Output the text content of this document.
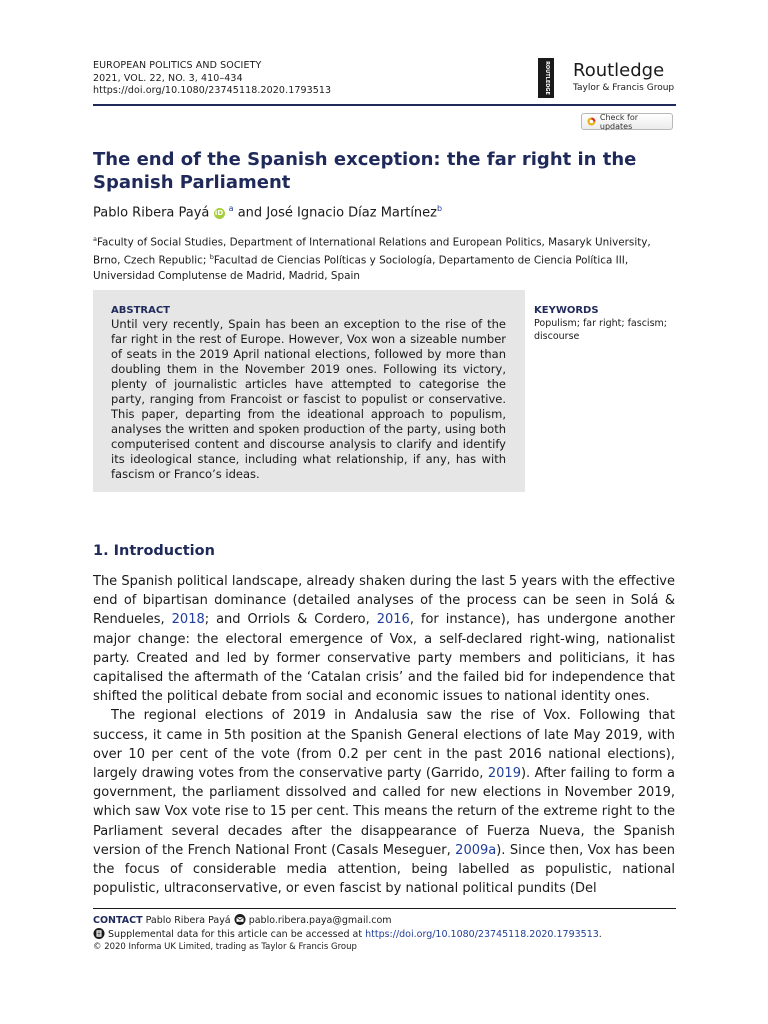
EUROPEAN POLITICS AND SOCIETY
2021, VOL. 22, NO. 3, 410–434
https://doi.org/10.1080/23745118.2020.1793513	ROUTLEDGE Routledge
Taylor & Francis Group
Check for updates
The end of the Spanish exception: the far right in the Spanish Parliament
Pablo Ribera Payá iD $^a$ and José Ignacio Díaz Martínez$^b$
$^a$Faculty of Social Studies, Department of International Relations and European Politics, Masaryk University, Brno, Czech Republic; $^b$Facultad de Ciencias Políticas y Sociología, Departamento de Ciencia Política III, Universidad Complutense de Madrid, Madrid, Spain
ABSTRACT
Until very recently, Spain has been an exception to the rise of the far right in the rest of Europe. However, Vox won a sizeable number of seats in the 2019 April national elections, followed by more than doubling them in the November 2019 ones. Following its victory, plenty of journalistic articles have attempted to categorise the party, ranging from Francoist or fascist to populist or conservative. This paper, departing from the ideational approach to populism, analyses the written and spoken production of the party, using both computerised content and discourse analysis to clarify and identify its ideological stance, including what relationship, if any, has with fascism or Franco’s ideas.
KEYWORDS
Populism; far right; fascism; discourse
1. Introduction

The Spanish political landscape, already shaken during the last 5 years with the effective end of bipartisan dominance (detailed analyses of the process can be seen in Solá & Rendueles, 2018; and Orriols & Cordero, 2016, for instance), has undergone another major change: the electoral emergence of Vox, a self-declared right-wing, nationalist party. Created and led by former conservative party members and politicians, it has capitalised the aftermath of the ‘Catalan crisis’ and the failed bid for independence that shifted the political debate from social and economic issues to national identity ones.

The regional elections of 2019 in Andalusia saw the rise of Vox. Following that success, it came in 5th position at the Spanish General elections of late May 2019, with over 10 per cent of the vote (from 0.2 per cent in the past 2016 national elections), largely drawing votes from the conservative party (Garrido, 2019). After failing to form a government, the parliament dissolved and called for new elections in November 2019, which saw Vox vote rise to 15 per cent. This means the return of the extreme right to the Parliament several decades after the disappearance of Fuerza Nueva, the Spanish version of the French National Front (Casals Meseguer, 2009a). Since then, Vox has been the focus of considerable media attention, being labelled as populistic, national populistic, ultraconservative, or even fascist by national political pundits (Del

CONTACT Pablo Ribera Payá pablo.ribera.paya@gmail.com
Supplemental data for this article can be accessed at https://doi.org/10.1080/23745118.2020.1793513.
© 2020 Informa UK Limited, trading as Taylor & Francis Group
